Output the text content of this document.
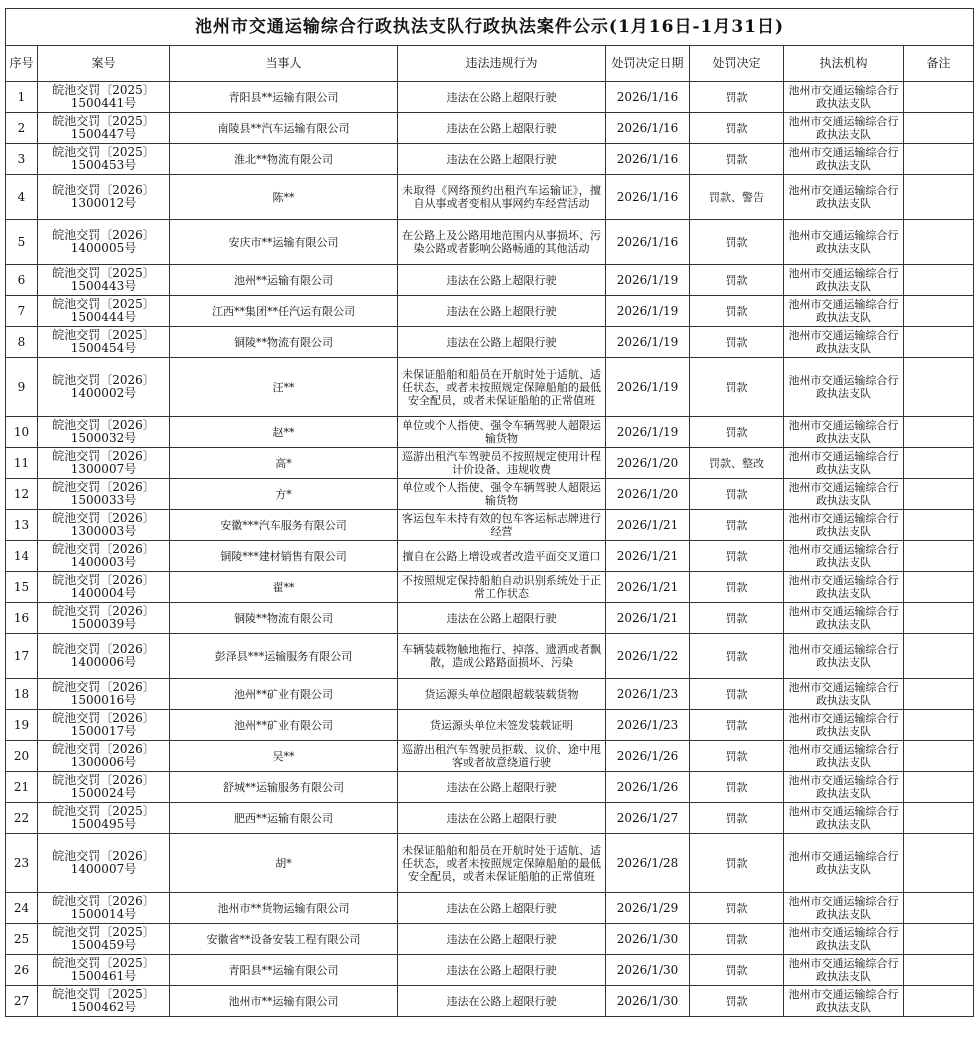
池州市交通运输综合行政执法支队行政执法案件公示(1月16日-1月31日)							
序号	案号	当事人	违法违规行为	处罚决定日期	处罚决定	执法机构	备注
1	皖池交罚〔2025〕
1500441号	青阳县**运输有限公司	违法在公路上超限行驶	2026/1/16	罚款	池州市交通运输综合行政执法支队	
2	皖池交罚〔2025〕
1500447号	南陵县**汽车运输有限公司	违法在公路上超限行驶	2026/1/16	罚款	池州市交通运输综合行政执法支队	
3	皖池交罚〔2025〕
1500453号	淮北**物流有限公司	违法在公路上超限行驶	2026/1/16	罚款	池州市交通运输综合行政执法支队	
4	皖池交罚〔2026〕
1300012号	陈**	未取得《网络预约出租汽车运输证》，擅自从事或者变相从事网约车经营活动	2026/1/16	罚款、警告	池州市交通运输综合行政执法支队	
5	皖池交罚〔2026〕
1400005号	安庆市**运输有限公司	在公路上及公路用地范围内从事损坏、污染公路或者影响公路畅通的其他活动	2026/1/16	罚款	池州市交通运输综合行政执法支队	
6	皖池交罚〔2025〕
1500443号	池州**运输有限公司	违法在公路上超限行驶	2026/1/19	罚款	池州市交通运输综合行政执法支队	
7	皖池交罚〔2025〕
1500444号	江西**集团**任汽运有限公司	违法在公路上超限行驶	2026/1/19	罚款	池州市交通运输综合行政执法支队	
8	皖池交罚〔2025〕
1500454号	铜陵**物流有限公司	违法在公路上超限行驶	2026/1/19	罚款	池州市交通运输综合行政执法支队	
9	皖池交罚〔2026〕
1400002号	汪**	未保证船舶和船员在开航时处于适航、适任状态，或者未按照规定保障船舶的最低安全配员，或者未保证船舶的正常值班	2026/1/19	罚款	池州市交通运输综合行政执法支队	
10	皖池交罚〔2026〕
1500032号	赵**	单位或个人指使、强令车辆驾驶人超限运输货物	2026/1/19	罚款	池州市交通运输综合行政执法支队	
11	皖池交罚〔2026〕
1300007号	高*	巡游出租汽车驾驶员不按照规定使用计程计价设备、违规收费	2026/1/20	罚款、整改	池州市交通运输综合行政执法支队	
12	皖池交罚〔2026〕
1500033号	方*	单位或个人指使、强令车辆驾驶人超限运输货物	2026/1/20	罚款	池州市交通运输综合行政执法支队	
13	皖池交罚〔2026〕
1300003号	安徽***汽车服务有限公司	客运包车未持有效的包车客运标志牌进行经营	2026/1/21	罚款	池州市交通运输综合行政执法支队	
14	皖池交罚〔2026〕
1400003号	铜陵***建材销售有限公司	擅自在公路上增设或者改造平面交叉道口	2026/1/21	罚款	池州市交通运输综合行政执法支队	
15	皖池交罚〔2026〕
1400004号	翟**	不按照规定保持船舶自动识别系统处于正常工作状态	2026/1/21	罚款	池州市交通运输综合行政执法支队	
16	皖池交罚〔2026〕
1500039号	铜陵**物流有限公司	违法在公路上超限行驶	2026/1/21	罚款	池州市交通运输综合行政执法支队	
17	皖池交罚〔2026〕
1400006号	彭泽县***运输服务有限公司	车辆装载物触地拖行、掉落、遗洒或者飘散，造成公路路面损坏、污染	2026/1/22	罚款	池州市交通运输综合行政执法支队	
18	皖池交罚〔2026〕
1500016号	池州**矿业有限公司	货运源头单位超限超载装载货物	2026/1/23	罚款	池州市交通运输综合行政执法支队	
19	皖池交罚〔2026〕
1500017号	池州**矿业有限公司	货运源头单位未签发装载证明	2026/1/23	罚款	池州市交通运输综合行政执法支队	
20	皖池交罚〔2026〕
1300006号	吴**	巡游出租汽车驾驶员拒载、议价、途中甩客或者故意绕道行驶	2026/1/26	罚款	池州市交通运输综合行政执法支队	
21	皖池交罚〔2026〕
1500024号	舒城**运输服务有限公司	违法在公路上超限行驶	2026/1/26	罚款	池州市交通运输综合行政执法支队	
22	皖池交罚〔2025〕
1500495号	肥西**运输有限公司	违法在公路上超限行驶	2026/1/27	罚款	池州市交通运输综合行政执法支队	
23	皖池交罚〔2026〕
1400007号	胡*	未保证船舶和船员在开航时处于适航、适任状态，或者未按照规定保障船舶的最低安全配员，或者未保证船舶的正常值班	2026/1/28	罚款	池州市交通运输综合行政执法支队	
24	皖池交罚〔2026〕
1500014号	池州市**货物运输有限公司	违法在公路上超限行驶	2026/1/29	罚款	池州市交通运输综合行政执法支队	
25	皖池交罚〔2025〕
1500459号	安徽省**设备安装工程有限公司	违法在公路上超限行驶	2026/1/30	罚款	池州市交通运输综合行政执法支队	
26	皖池交罚〔2025〕
1500461号	青阳县**运输有限公司	违法在公路上超限行驶	2026/1/30	罚款	池州市交通运输综合行政执法支队	
27	皖池交罚〔2025〕
1500462号	池州市**运输有限公司	违法在公路上超限行驶	2026/1/30	罚款	池州市交通运输综合行政执法支队	
